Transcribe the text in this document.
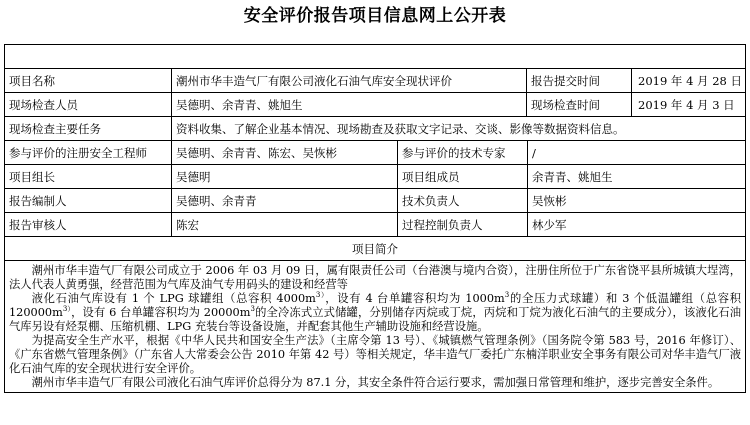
安全评价报告项目信息网上公开表

项目名称	潮州市华丰造气厂有限公司液化石油气库安全现状评价		报告提交时间	2019 年 4 月 28 日

现场检查人员	吴德明、余青青、姚旭生		现场检查时间	2019 年 4 月 3 日

现场检查主要任务	资料收集、了解企业基本情况、现场勘查及获取文字记录、交谈、影像等数据资料信息。
参与评价的注册安全工程师	吴德明、余青青、陈宏、吴恢彬	参与评价的技术专家	/
项目组长	吴德明	项目组成员	余青青、姚旭生
报告编制人	吴德明、余青青	技术负责人	吴恢彬
报告审核人	陈宏	过程控制负责人	林少军
项目简介

潮州市华丰造气厂有限公司成立于 2006 年 03 月 09 日，属有限责任公司（台港澳与境内合资），注册住所位于广东省饶平县所城镇大埕湾，法人代表人黄勇强，经营范围为气库及油气专用码头的建设和经营等

液化石油气库设有 1 个 LPG 球罐组（总容积 $4000m^{3)}$，设有 4 台单罐容积均为 $1000m^3$的全压力式球罐）和 3 个低温罐组（总容积 $120000m^{3)}$，设有 6 台单罐容积均为 $20000m^3$的全冷冻式立式储罐，分别储存丙烷或丁烷，丙烷和丁烷为液化石油气的主要成分），该液化石油气库另设有烃泵棚、压缩机棚、LPG 充装台等设备设施，并配套其他生产辅助设施和经营设施。

为提高安全生产水平，根据《中华人民共和国安全生产法》（主席令第 13 号）、《城镇燃气管理条例》（国务院令第 583 号，2016 年修订）、《广东省燃气管理条例》（广东省人大常委会公告 2010 年第 42 号）等相关规定，华丰造气厂委托广东楠洋职业安全事务有限公司对华丰造气厂液化石油气库的安全现状进行安全评价。

潮州市华丰造气厂有限公司液化石油气库评价总得分为 87.1 分，其安全条件符合运行要求，需加强日常管理和维护，逐步完善安全条件。
